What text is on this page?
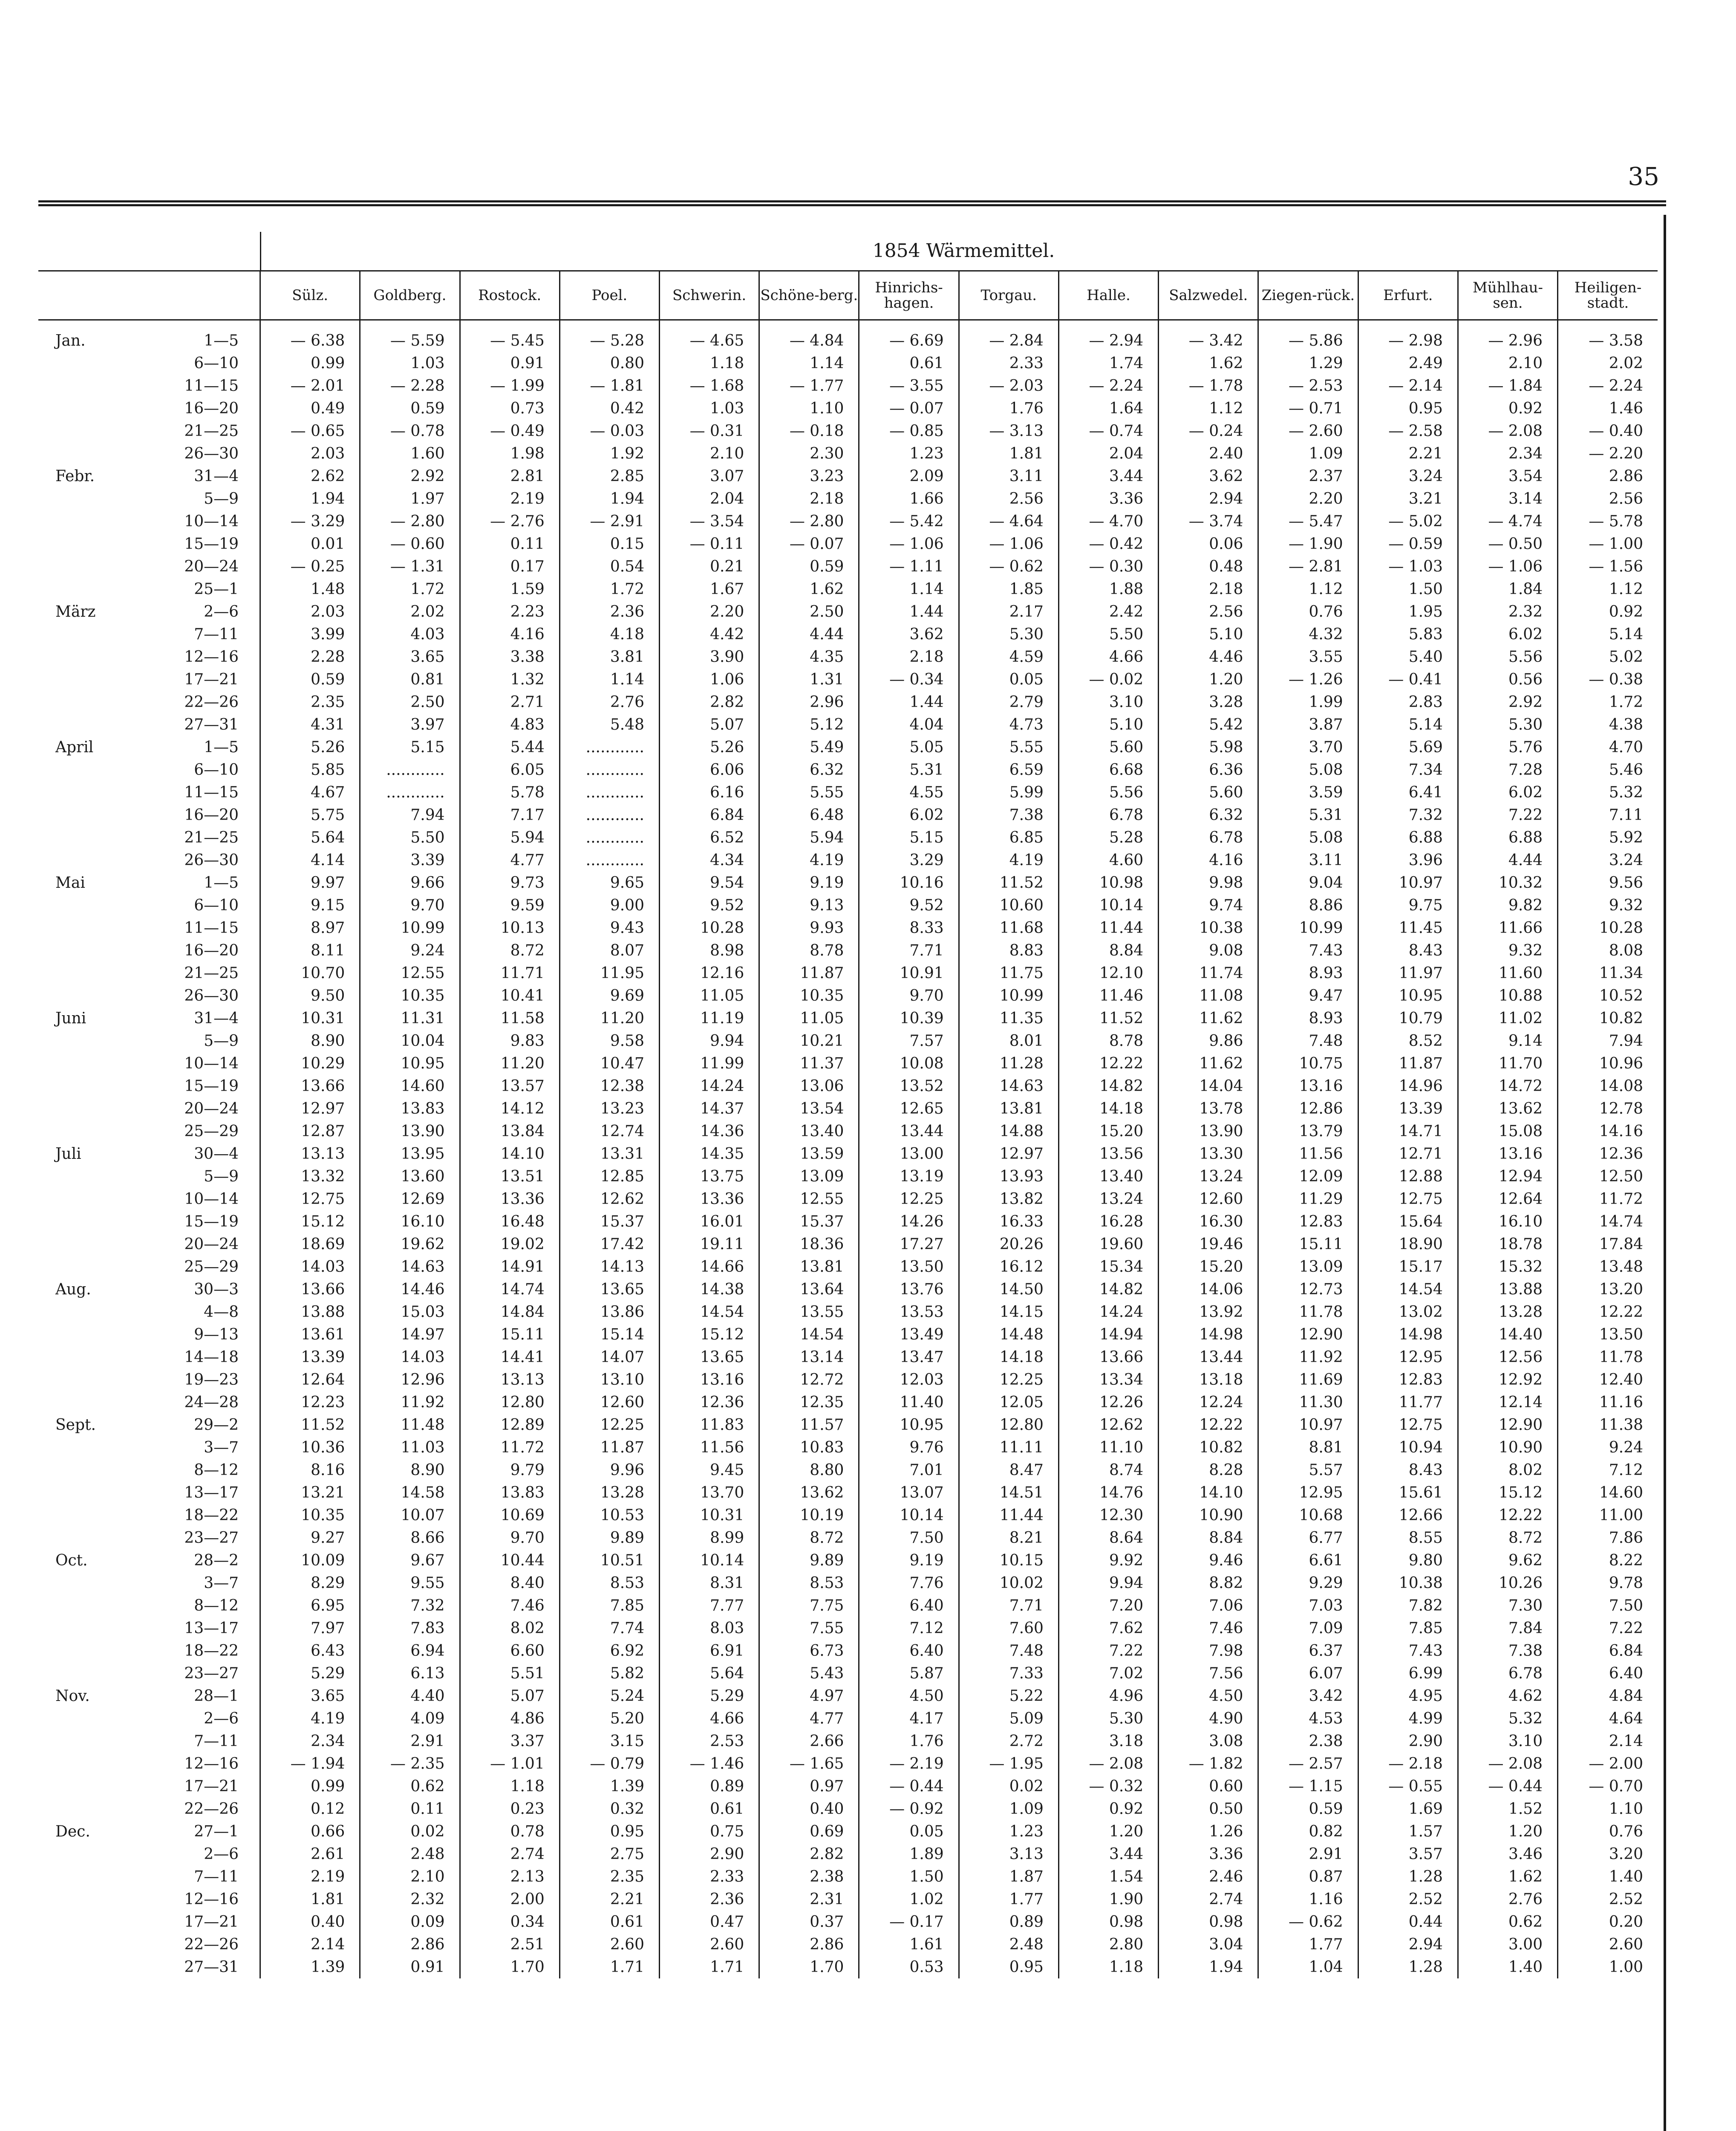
35
1854 Wärmemittel.
	Sülz.	Goldberg.	Rostock.	Poel.	Schwerin.	Schöne-berg.	Hinrichs-hagen.	Torgau.	Halle.	Salzwedel.	Ziegen-rück.	Erfurt.	Mühlhau-sen.	Heiligen-stadt.
Jan. 1—5	— 6.38	— 5.59	— 5.45	— 5.28	— 4.65	— 4.84	— 6.69	— 2.84	— 2.94	— 3.42	— 5.86	— 2.98	— 2.96	— 3.58
6—10	0.99	1.03	0.91	0.80	1.18	1.14	0.61	2.33	1.74	1.62	1.29	2.49	2.10	2.02
11—15	— 2.01	— 2.28	— 1.99	— 1.81	— 1.68	— 1.77	— 3.55	— 2.03	— 2.24	— 1.78	— 2.53	— 2.14	— 1.84	— 2.24
16—20	0.49	0.59	0.73	0.42	1.03	1.10	— 0.07	1.76	1.64	1.12	— 0.71	0.95	0.92	1.46
21—25	— 0.65	— 0.78	— 0.49	— 0.03	— 0.31	— 0.18	— 0.85	— 3.13	— 0.74	— 0.24	— 2.60	— 2.58	— 2.08	— 0.40
26—30	2.03	1.60	1.98	1.92	2.10	2.30	1.23	1.81	2.04	2.40	1.09	2.21	2.34	— 2.20
Febr. 31—4	2.62	2.92	2.81	2.85	3.07	3.23	2.09	3.11	3.44	3.62	2.37	3.24	3.54	2.86
5—9	1.94	1.97	2.19	1.94	2.04	2.18	1.66	2.56	3.36	2.94	2.20	3.21	3.14	2.56
10—14	— 3.29	— 2.80	— 2.76	— 2.91	— 3.54	— 2.80	— 5.42	— 4.64	— 4.70	— 3.74	— 5.47	— 5.02	— 4.74	— 5.78
15—19	0.01	— 0.60	0.11	0.15	— 0.11	— 0.07	— 1.06	— 1.06	— 0.42	0.06	— 1.90	— 0.59	— 0.50	— 1.00
20—24	— 0.25	— 1.31	0.17	0.54	0.21	0.59	— 1.11	— 0.62	— 0.30	0.48	— 2.81	— 1.03	— 1.06	— 1.56
25—1	1.48	1.72	1.59	1.72	1.67	1.62	1.14	1.85	1.88	2.18	1.12	1.50	1.84	1.12
März 2—6	2.03	2.02	2.23	2.36	2.20	2.50	1.44	2.17	2.42	2.56	0.76	1.95	2.32	0.92
7—11	3.99	4.03	4.16	4.18	4.42	4.44	3.62	5.30	5.50	5.10	4.32	5.83	6.02	5.14
12—16	2.28	3.65	3.38	3.81	3.90	4.35	2.18	4.59	4.66	4.46	3.55	5.40	5.56	5.02
17—21	0.59	0.81	1.32	1.14	1.06	1.31	— 0.34	0.05	— 0.02	1.20	— 1.26	— 0.41	0.56	— 0.38
22—26	2.35	2.50	2.71	2.76	2.82	2.96	1.44	2.79	3.10	3.28	1.99	2.83	2.92	1.72
27—31	4.31	3.97	4.83	5.48	5.07	5.12	4.04	4.73	5.10	5.42	3.87	5.14	5.30	4.38
April 1—5	5.26	5.15	5.44	............	5.26	5.49	5.05	5.55	5.60	5.98	3.70	5.69	5.76	4.70
6—10	5.85	............	6.05	............	6.06	6.32	5.31	6.59	6.68	6.36	5.08	7.34	7.28	5.46
11—15	4.67	............	5.78	............	6.16	5.55	4.55	5.99	5.56	5.60	3.59	6.41	6.02	5.32
16—20	5.75	7.94	7.17	............	6.84	6.48	6.02	7.38	6.78	6.32	5.31	7.32	7.22	7.11
21—25	5.64	5.50	5.94	............	6.52	5.94	5.15	6.85	5.28	6.78	5.08	6.88	6.88	5.92
26—30	4.14	3.39	4.77	............	4.34	4.19	3.29	4.19	4.60	4.16	3.11	3.96	4.44	3.24
Mai 1—5	9.97	9.66	9.73	9.65	9.54	9.19	10.16	11.52	10.98	9.98	9.04	10.97	10.32	9.56
6—10	9.15	9.70	9.59	9.00	9.52	9.13	9.52	10.60	10.14	9.74	8.86	9.75	9.82	9.32
11—15	8.97	10.99	10.13	9.43	10.28	9.93	8.33	11.68	11.44	10.38	10.99	11.45	11.66	10.28
16—20	8.11	9.24	8.72	8.07	8.98	8.78	7.71	8.83	8.84	9.08	7.43	8.43	9.32	8.08
21—25	10.70	12.55	11.71	11.95	12.16	11.87	10.91	11.75	12.10	11.74	8.93	11.97	11.60	11.34
26—30	9.50	10.35	10.41	9.69	11.05	10.35	9.70	10.99	11.46	11.08	9.47	10.95	10.88	10.52
Juni 31—4	10.31	11.31	11.58	11.20	11.19	11.05	10.39	11.35	11.52	11.62	8.93	10.79	11.02	10.82
5—9	8.90	10.04	9.83	9.58	9.94	10.21	7.57	8.01	8.78	9.86	7.48	8.52	9.14	7.94
10—14	10.29	10.95	11.20	10.47	11.99	11.37	10.08	11.28	12.22	11.62	10.75	11.87	11.70	10.96
15—19	13.66	14.60	13.57	12.38	14.24	13.06	13.52	14.63	14.82	14.04	13.16	14.96	14.72	14.08
20—24	12.97	13.83	14.12	13.23	14.37	13.54	12.65	13.81	14.18	13.78	12.86	13.39	13.62	12.78
25—29	12.87	13.90	13.84	12.74	14.36	13.40	13.44	14.88	15.20	13.90	13.79	14.71	15.08	14.16
Juli 30—4	13.13	13.95	14.10	13.31	14.35	13.59	13.00	12.97	13.56	13.30	11.56	12.71	13.16	12.36
5—9	13.32	13.60	13.51	12.85	13.75	13.09	13.19	13.93	13.40	13.24	12.09	12.88	12.94	12.50
10—14	12.75	12.69	13.36	12.62	13.36	12.55	12.25	13.82	13.24	12.60	11.29	12.75	12.64	11.72
15—19	15.12	16.10	16.48	15.37	16.01	15.37	14.26	16.33	16.28	16.30	12.83	15.64	16.10	14.74
20—24	18.69	19.62	19.02	17.42	19.11	18.36	17.27	20.26	19.60	19.46	15.11	18.90	18.78	17.84
25—29	14.03	14.63	14.91	14.13	14.66	13.81	13.50	16.12	15.34	15.20	13.09	15.17	15.32	13.48
Aug. 30—3	13.66	14.46	14.74	13.65	14.38	13.64	13.76	14.50	14.82	14.06	12.73	14.54	13.88	13.20
4—8	13.88	15.03	14.84	13.86	14.54	13.55	13.53	14.15	14.24	13.92	11.78	13.02	13.28	12.22
9—13	13.61	14.97	15.11	15.14	15.12	14.54	13.49	14.48	14.94	14.98	12.90	14.98	14.40	13.50
14—18	13.39	14.03	14.41	14.07	13.65	13.14	13.47	14.18	13.66	13.44	11.92	12.95	12.56	11.78
19—23	12.64	12.96	13.13	13.10	13.16	12.72	12.03	12.25	13.34	13.18	11.69	12.83	12.92	12.40
24—28	12.23	11.92	12.80	12.60	12.36	12.35	11.40	12.05	12.26	12.24	11.30	11.77	12.14	11.16
Sept. 29—2	11.52	11.48	12.89	12.25	11.83	11.57	10.95	12.80	12.62	12.22	10.97	12.75	12.90	11.38
3—7	10.36	11.03	11.72	11.87	11.56	10.83	9.76	11.11	11.10	10.82	8.81	10.94	10.90	9.24
8—12	8.16	8.90	9.79	9.96	9.45	8.80	7.01	8.47	8.74	8.28	5.57	8.43	8.02	7.12
13—17	13.21	14.58	13.83	13.28	13.70	13.62	13.07	14.51	14.76	14.10	12.95	15.61	15.12	14.60
18—22	10.35	10.07	10.69	10.53	10.31	10.19	10.14	11.44	12.30	10.90	10.68	12.66	12.22	11.00
23—27	9.27	8.66	9.70	9.89	8.99	8.72	7.50	8.21	8.64	8.84	6.77	8.55	8.72	7.86
Oct. 28—2	10.09	9.67	10.44	10.51	10.14	9.89	9.19	10.15	9.92	9.46	6.61	9.80	9.62	8.22
3—7	8.29	9.55	8.40	8.53	8.31	8.53	7.76	10.02	9.94	8.82	9.29	10.38	10.26	9.78
8—12	6.95	7.32	7.46	7.85	7.77	7.75	6.40	7.71	7.20	7.06	7.03	7.82	7.30	7.50
13—17	7.97	7.83	8.02	7.74	8.03	7.55	7.12	7.60	7.62	7.46	7.09	7.85	7.84	7.22
18—22	6.43	6.94	6.60	6.92	6.91	6.73	6.40	7.48	7.22	7.98	6.37	7.43	7.38	6.84
23—27	5.29	6.13	5.51	5.82	5.64	5.43	5.87	7.33	7.02	7.56	6.07	6.99	6.78	6.40
Nov. 28—1	3.65	4.40	5.07	5.24	5.29	4.97	4.50	5.22	4.96	4.50	3.42	4.95	4.62	4.84
2—6	4.19	4.09	4.86	5.20	4.66	4.77	4.17	5.09	5.30	4.90	4.53	4.99	5.32	4.64
7—11	2.34	2.91	3.37	3.15	2.53	2.66	1.76	2.72	3.18	3.08	2.38	2.90	3.10	2.14
12—16	— 1.94	— 2.35	— 1.01	— 0.79	— 1.46	— 1.65	— 2.19	— 1.95	— 2.08	— 1.82	— 2.57	— 2.18	— 2.08	— 2.00
17—21	0.99	0.62	1.18	1.39	0.89	0.97	— 0.44	0.02	— 0.32	0.60	— 1.15	— 0.55	— 0.44	— 0.70
22—26	0.12	0.11	0.23	0.32	0.61	0.40	— 0.92	1.09	0.92	0.50	0.59	1.69	1.52	1.10
Dec. 27—1	0.66	0.02	0.78	0.95	0.75	0.69	0.05	1.23	1.20	1.26	0.82	1.57	1.20	0.76
2—6	2.61	2.48	2.74	2.75	2.90	2.82	1.89	3.13	3.44	3.36	2.91	3.57	3.46	3.20
7—11	2.19	2.10	2.13	2.35	2.33	2.38	1.50	1.87	1.54	2.46	0.87	1.28	1.62	1.40
12—16	1.81	2.32	2.00	2.21	2.36	2.31	1.02	1.77	1.90	2.74	1.16	2.52	2.76	2.52
17—21	0.40	0.09	0.34	0.61	0.47	0.37	— 0.17	0.89	0.98	0.98	— 0.62	0.44	0.62	0.20
22—26	2.14	2.86	2.51	2.60	2.60	2.86	1.61	2.48	2.80	3.04	1.77	2.94	3.00	2.60
27—31	1.39	0.91	1.70	1.71	1.71	1.70	0.53	0.95	1.18	1.94	1.04	1.28	1.40	1.00
